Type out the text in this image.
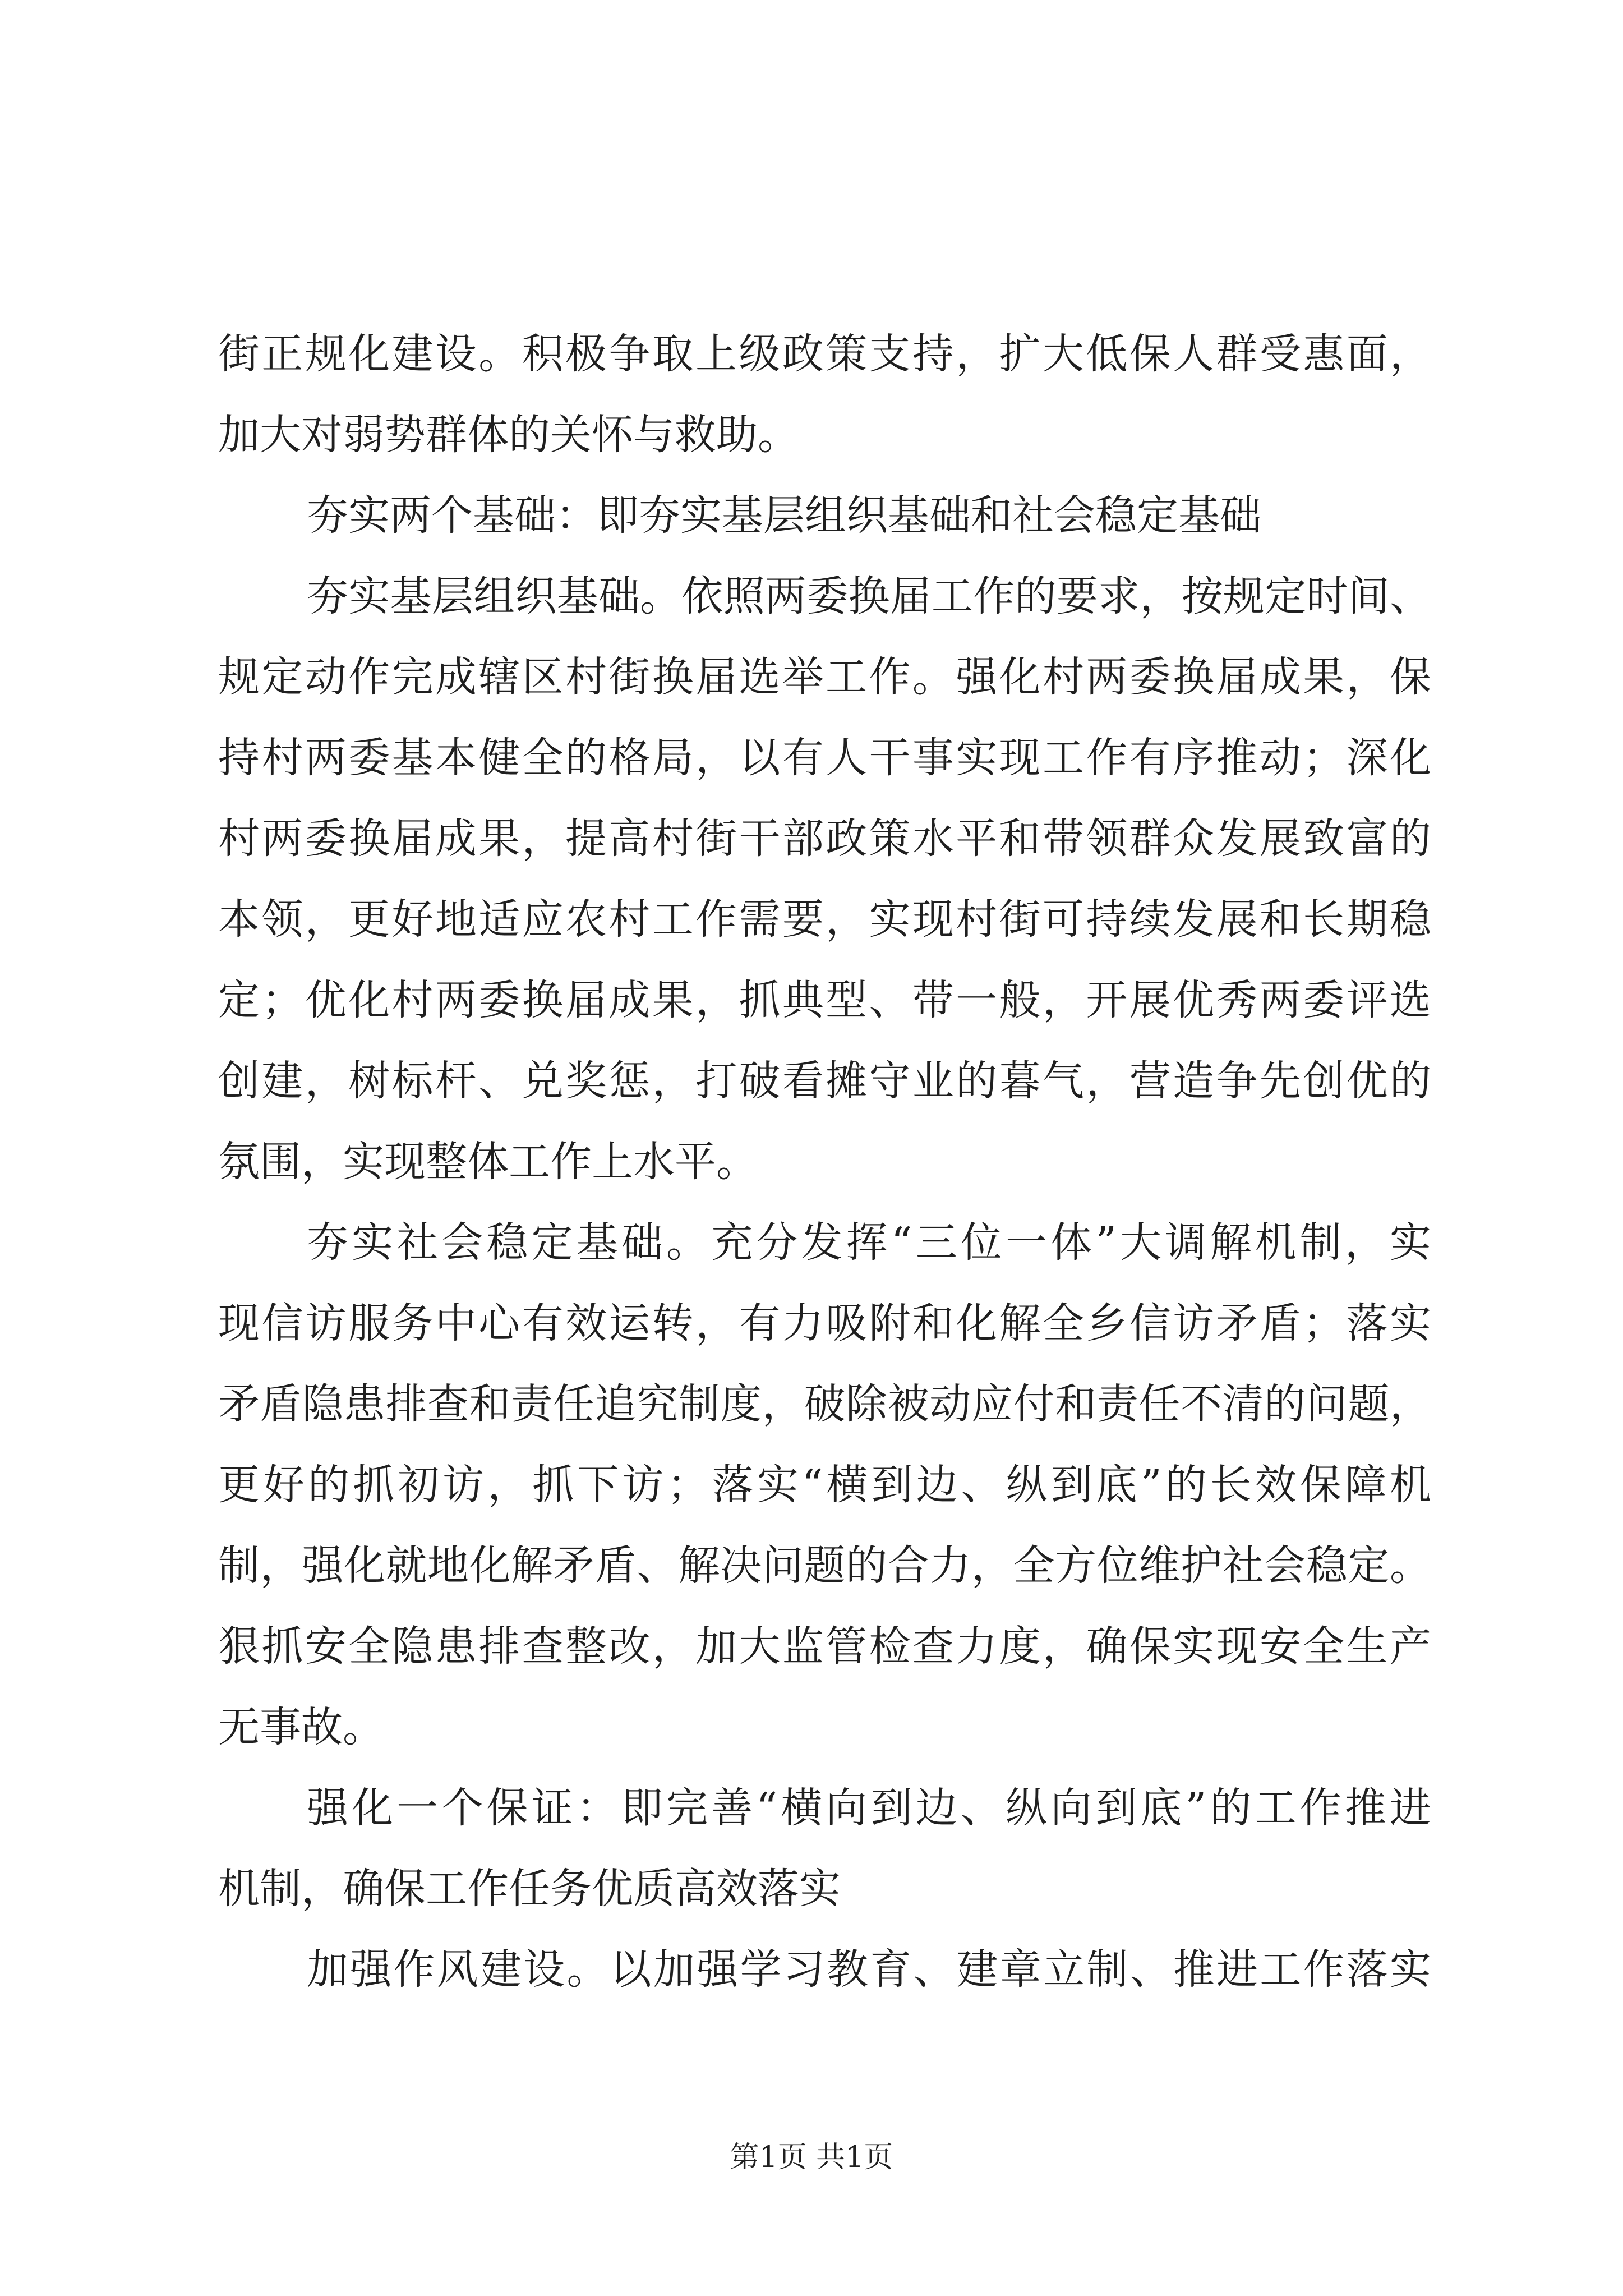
街正规化建设。积极争取上级政策支持，扩大低保人群受惠面，
加大对弱势群体的关怀与救助。
夯实两个基础：即夯实基层组织基础和社会稳定基础
夯实基层组织基础。依照两委换届工作的要求，按规定时间、
规定动作完成辖区村街换届选举工作。强化村两委换届成果，保
持村两委基本健全的格局，以有人干事实现工作有序推动；深化
村两委换届成果，提高村街干部政策水平和带领群众发展致富的
本领，更好地适应农村工作需要，实现村街可持续发展和长期稳
定；优化村两委换届成果，抓典型、带一般，开展优秀两委评选
创建，树标杆、兑奖惩，打破看摊守业的暮气，营造争先创优的
氛围，实现整体工作上水平。
夯实社会稳定基础。充分发挥“三位一体”大调解机制，实
现信访服务中心有效运转，有力吸附和化解全乡信访矛盾；落实
矛盾隐患排查和责任追究制度，破除被动应付和责任不清的问题，
更好的抓初访，抓下访；落实“横到边、纵到底”的长效保障机
制，强化就地化解矛盾、解决问题的合力，全方位维护社会稳定。
狠抓安全隐患排查整改，加大监管检查力度，确保实现安全生产
无事故。
强化一个保证：即完善“横向到边、纵向到底”的工作推进
机制，确保工作任务优质高效落实
加强作风建设。以加强学习教育、建章立制、推进工作落实
第1页 共1页
